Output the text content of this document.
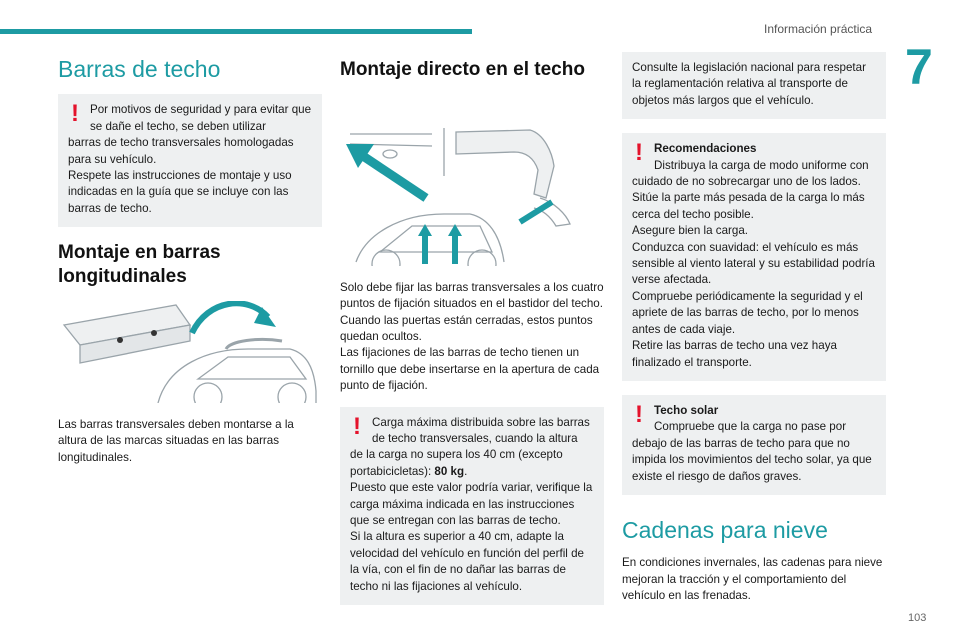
Información práctica
7
103
Barras de techo
! Por motivos de seguridad y para evitar que se dañe el techo, se deben utilizar
barras de techo transversales homologadas para su vehículo.
Respete las instrucciones de montaje y uso indicadas en la guía que se incluye con las barras de techo.
Montaje en barras longitudinales

Las barras transversales deben montarse a la altura de las marcas situadas en las barras longitudinales.

Montaje directo en el techo

Solo debe fijar las barras transversales a los cuatro puntos de fijación situados en el bastidor del techo. Cuando las puertas están cerradas, estos puntos quedan ocultos.
Las fijaciones de las barras de techo tienen un tornillo que debe insertarse en la apertura de cada punto de fijación.

! Carga máxima distribuida sobre las barras de techo transversales, cuando la altura
de la carga no supera los 40 cm (excepto portabicicletas): 80 kg.
Puesto que este valor podría variar, verifique la carga máxima indicada en las instrucciones que se entregan con las barras de techo.
Si la altura es superior a 40 cm, adapte la velocidad del vehículo en función del perfil de la vía, con el fin de no dañar las barras de techo ni las fijaciones al vehículo.
Consulte la legislación nacional para respetar la reglamentación relativa al transporte de objetos más largos que el vehículo.
! Recomendaciones
Distribuya la carga de modo uniforme con
cuidado de no sobrecargar uno de los lados.
Sitúe la parte más pesada de la carga lo más cerca del techo posible.
Asegure bien la carga.
Conduzca con suavidad: el vehículo es más sensible al viento lateral y su estabilidad podría verse afectada.
Compruebe periódicamente la seguridad y el apriete de las barras de techo, por lo menos antes de cada viaje.
Retire las barras de techo una vez haya finalizado el transporte.
! Techo solar
Compruebe que la carga no pase por
debajo de las barras de techo para que no impida los movimientos del techo solar, ya que existe el riesgo de daños graves.
Cadenas para nieve

En condiciones invernales, las cadenas para nieve mejoran la tracción y el comportamiento del vehículo en las frenadas.
